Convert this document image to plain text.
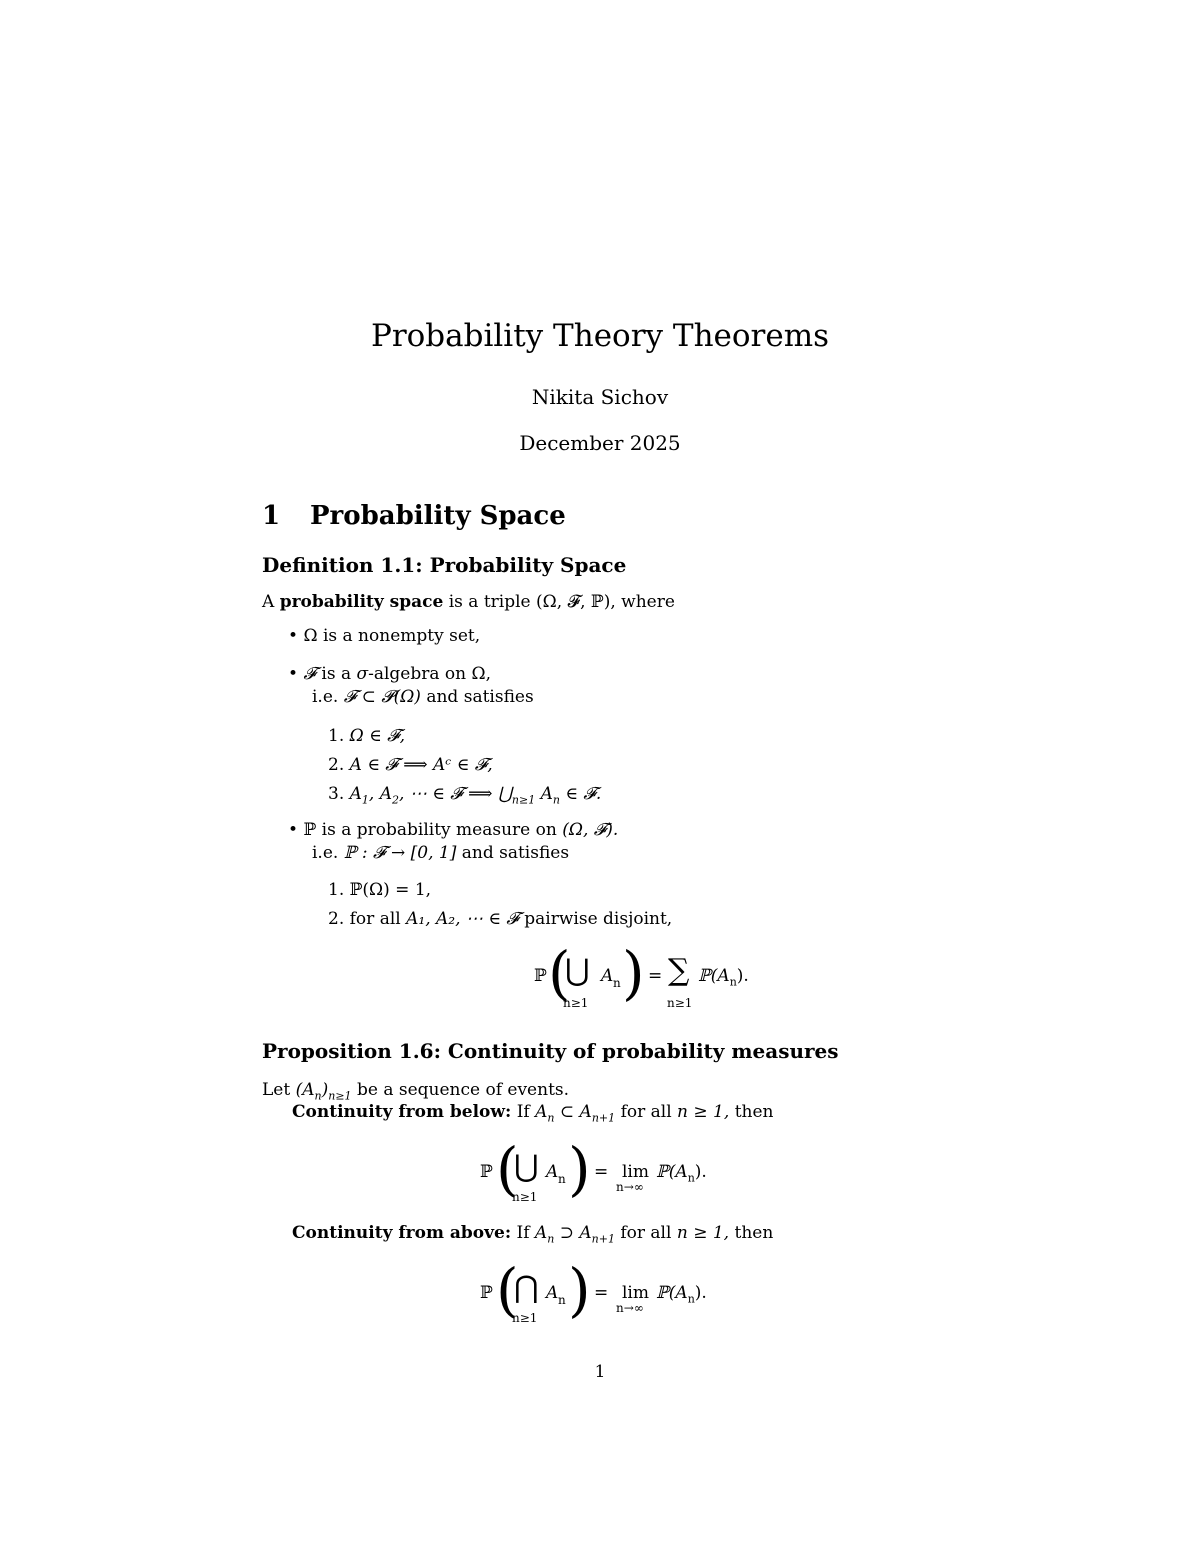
Probability Theory Theorems
Nikita Sichov
December 2025
1 Probability Space
Definition 1.1: Probability Space
A probability space is a triple (Ω, 𝓕, ℙ), where
• Ω is a nonempty set,
• 𝓕 is a σ-algebra on Ω,
i.e. 𝓕 ⊂ 𝓟(Ω) and satisfies
1. Ω ∈ 𝓕,
2. A ∈ 𝓕 ⟹ Aᶜ ∈ 𝓕,
3. $A_1$, $A_2$, ⋯ ∈ 𝓕 ⟹ $⋃_{n\ge 1}$ $A_n$ ∈ 𝓕.
• ℙ is a probability measure on (Ω, 𝓕).
i.e. ℙ : 𝓕 → [0, 1] and satisfies
1. ℙ(Ω) = 1,
2. for all A₁, A₂, ⋯ ∈ 𝓕 pairwise disjoint,
ℙ (
⋃ A n
n≥1 ) = ∑
n≥1
$ℙ(A_n)$.
Proposition 1.6: Continuity of probability measures
Let $(A_n)_{n\ge 1}$ be a sequence of events.
Continuity from below: If $A_n$ ⊂ $A_{n+1}$ for all n ≥ 1, then
ℙ (
⋃ A n
n≥1 ) = lim
n→∞
$ℙ(A_n)$.
Continuity from above: If $A_n$ ⊃ $A_{n+1}$ for all n ≥ 1, then
ℙ (
⋂ A n
n≥1 ) = lim
n→∞
$ℙ(A_n)$.
1
